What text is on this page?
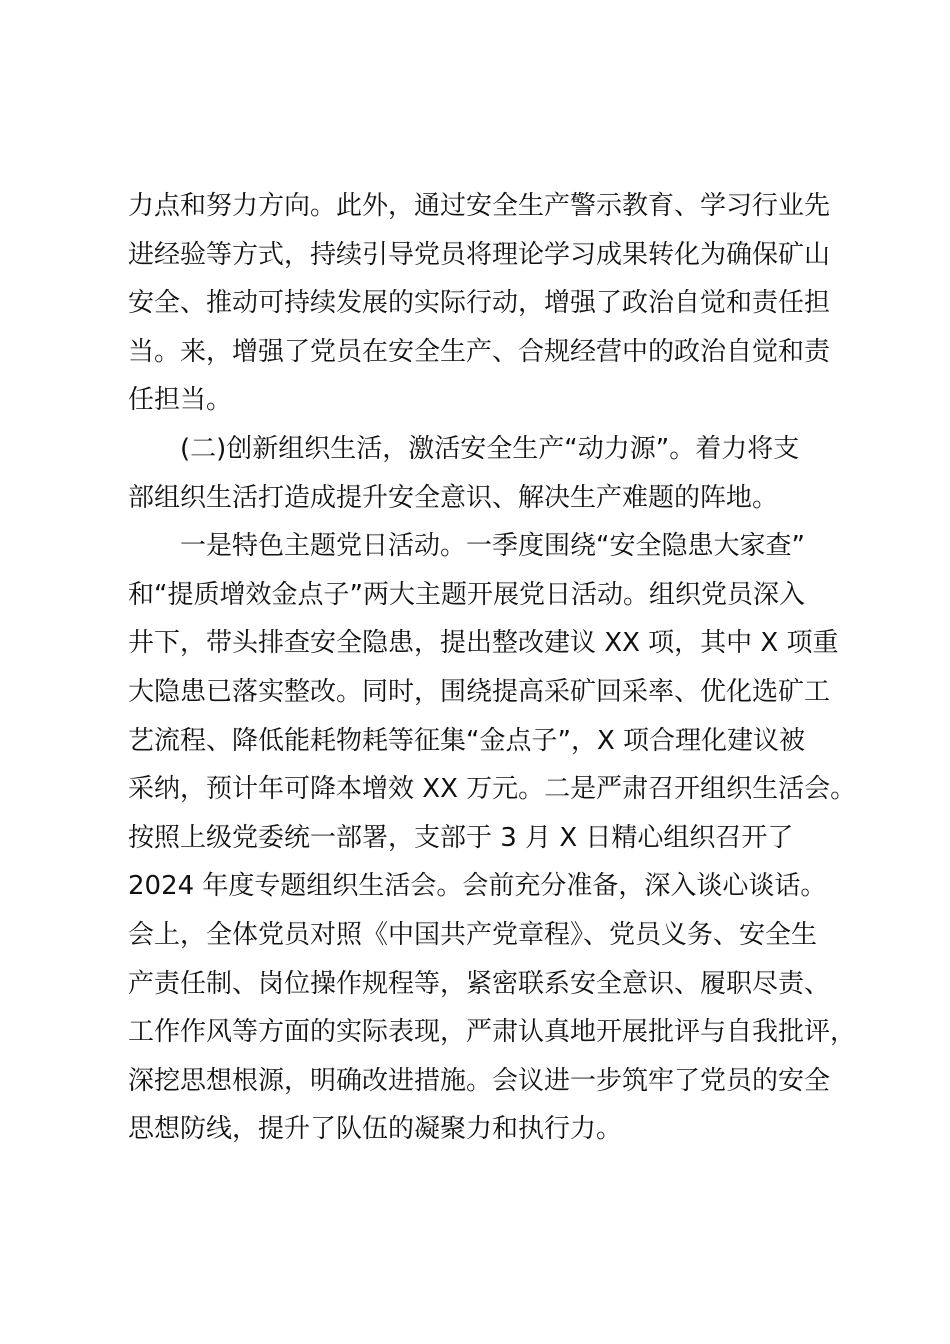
力点和努力方向。此外，通过安全生产警示教育、学习行业先
进经验等方式，持续引导党员将理论学习成果转化为确保矿山
安全、推动可持续发展的实际行动，增强了政治自觉和责任担
当。来，增强了党员在安全生产、合规经营中的政治自觉和责
任担当。
(二)创新组织生活，激活安全生产“动力源”。着力将支
部组织生活打造成提升安全意识、解决生产难题的阵地。
一是特色主题党日活动。一季度围绕“安全隐患大家查”
和“提质增效金点子”两大主题开展党日活动。组织党员深入
井下，带头排查安全隐患，提出整改建议 XX 项，其中 X 项重
大隐患已落实整改。同时，围绕提高采矿回采率、优化选矿工
艺流程、降低能耗物耗等征集“金点子”，X 项合理化建议被
采纳，预计年可降本增效 XX 万元。二是严肃召开组织生活会。
按照上级党委统一部署，支部于 3 月 X 日精心组织召开了
2024 年度专题组织生活会。会前充分准备，深入谈心谈话。
会上，全体党员对照《中国共产党章程》、党员义务、安全生
产责任制、岗位操作规程等，紧密联系安全意识、履职尽责、
工作作风等方面的实际表现，严肃认真地开展批评与自我批评，
深挖思想根源，明确改进措施。会议进一步筑牢了党员的安全
思想防线，提升了队伍的凝聚力和执行力。
